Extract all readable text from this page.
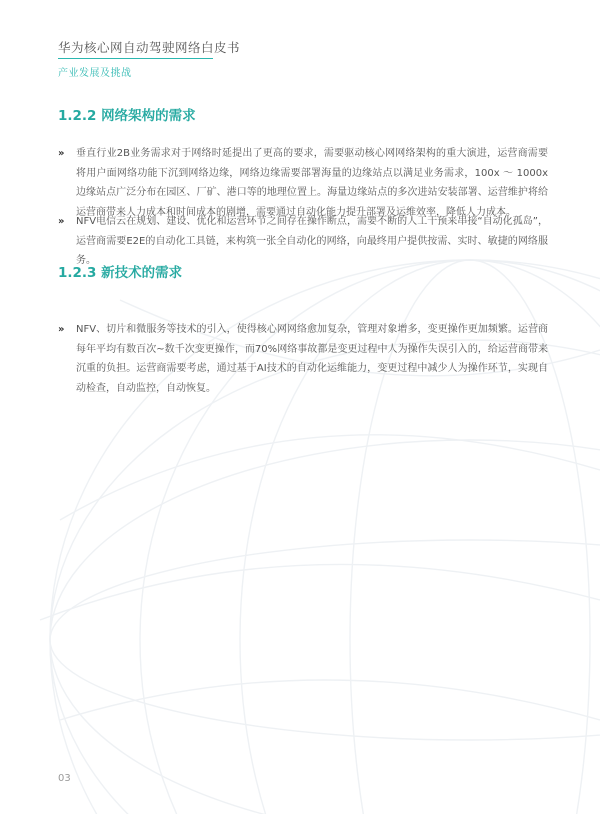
华为核心网自动驾驶网络白皮书
产业发展及挑战
1.2.2 网络架构的需求
»	垂直行业2B业务需求对于网络时延提出了更高的要求，需要驱动核心网网络架构的重大演进，运营商需要将用户面网络功能下沉到网络边缘，网络边缘需要部署海量的边缘站点以满足业务需求，100x ～ 1000x边缘站点广泛分布在园区、厂矿、港口等的地理位置上。海量边缘站点的多次进站安装部署、运营维护将给运营商带来人力成本和时间成本的剧增，需要通过自动化能力提升部署及运维效率，降低人力成本。
»	NFV电信云在规划、建设、优化和运营环节之间存在操作断点，需要不断的人工干预来串接“自动化孤岛”，运营商需要E2E的自动化工具链，来构筑一张全自动化的网络，向最终用户提供按需、实时、敏捷的网络服务。
1.2.3 新技术的需求
»	NFV、切片和微服务等技术的引入，使得核心网网络愈加复杂，管理对象增多，变更操作更加频繁。运营商每年平均有数百次~数千次变更操作，而70%网络事故都是变更过程中人为操作失误引入的，给运营商带来沉重的负担。运营商需要考虑，通过基于AI技术的自动化运维能力，变更过程中减少人为操作环节，实现自动检查，自动监控，自动恢复。
03
